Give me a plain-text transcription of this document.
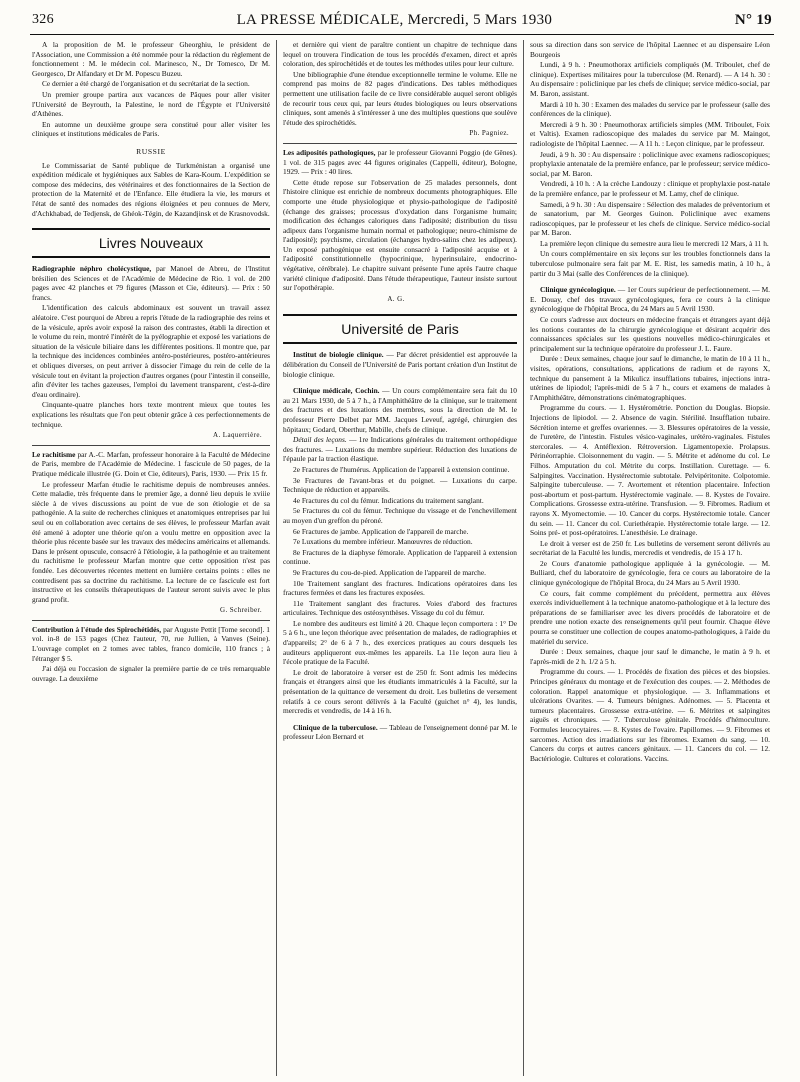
326	LA PRESSE MÉDICALE, Mercredi, 5 Mars 1930	N° 19

A la proposition de M. le professeur Gheorghiu, le président de l'Association, une Commission a été nommée pour la rédaction du règlement de fonctionnement : M. le médecin col. Marinesco, N., Dr Tomesco, Dr M. Georgesco, Dr Alfandary et Dr M. Popescu Buzeu.

Ce dernier a été chargé de l'organisation et du secrétariat de la section.

Un premier groupe partira aux vacances de Pâques pour aller visiter l'Université de Beyrouth, la Palestine, le nord de l'Égypte et l'Université d'Athènes.

En automne un deuxième groupe sera constitué pour aller visiter les cliniques et institutions médicales de Paris.

RUSSIE

Le Commissariat de Santé publique de Turkménistan a organisé une expédition médicale et hygiéniques aux Sables de Kara-Koum. L'expédition se compose des médecins, des vétérinaires et des fonctionnaires de la Section de protection de la Maternité et de l'Enfance. Elle étudiera la vie, les mœurs et l'état de santé des nomades des régions éloignées et peu connues de Merv, d'Achkhabad, de Tedjensk, de Ghéok-Tégin, de Kazandjinsk et de Krasnovodsk.

Livres Nouveaux

Radiographie néphro cholécystique, par Manoel de Abreu, de l'Institut brésilien des Sciences et de l'Académie de Médecine de Rio. 1 vol. de 200 pages avec 42 planches et 79 figures (Masson et Cie, éditeurs). — Prix : 50 francs.

L'identification des calculs abdominaux est souvent un travail assez aléatoire. C'est pourquoi de Abreu a repris l'étude de la radiographie des reins et de la vésicule, après avoir exposé la raison des contrastes, établi la direction et le volume du rein, montré l'intérêt de la pyélographie et exposé les variations de situation de la vésicule biliaire dans les différentes positions. Il montre que, par la technique des incidences combinées antéro-postérieures, postéro-antérieures et obliques diverses, on peut arriver à dissocier l'image du rein de celle de la vésicule tout en évitant la projection d'autres organes (pour l'intestin il conseille, afin d'éviter les taches gazeuses, l'emploi du lavement transparent, c'est-à-dire d'eau ordinaire).

Cinquante-quatre planches hors texte montrent mieux que toutes les explications les résultats que l'on peut obtenir grâce à ces perfectionnements de technique.

A. Laquerrière.

Le rachitisme par A.-C. Marfan, professeur honoraire à la Faculté de Médecine de Paris, membre de l'Académie de Médecine. 1 fascicule de 50 pages, de la Pratique médicale illustrée (G. Doin et Cie, éditeurs), Paris, 1930. — Prix 15 fr.

Le professeur Marfan étudie le rachitisme depuis de nombreuses années. Cette maladie, très fréquente dans le premier âge, a donné lieu depuis le xviiie siècle à de vives discussions au point de vue de son étiologie et de sa pathogénie. A la suite de recherches cliniques et anatomiques entreprises par lui seul ou en collaboration avec certains de ses élèves, le professeur Marfan avait été amené à adopter une théorie qu'on a voulu mettre en opposition avec la théorie plus récente basée sur les travaux des médecins américains et allemands. Dans le présent opuscule, consacré à l'étiologie, à la pathogénie et au traitement du rachitisme le professeur Marfan montre que cette opposition n'est pas fondée. Les découvertes récentes mettent en lumière certains points : elles ne contredisent pas sa doctrine du rachitisme. La lecture de ce fascicule est fort instructive et les conseils thérapeutiques de l'auteur seront suivis avec le plus grand profit.

G. Schreiber.

Contribution à l'étude des Spirochétidés, par Auguste Pettit [Tome second]. 1 vol. in-8 de 153 pages (Chez l'auteur, 70, rue Jullien, à Vanves (Seine). L'ouvrage complet en 2 tomes avec tables, franco domicile, 110 francs ; à l'étranger $ 5.

J'ai déjà eu l'occasion de signaler la première partie de ce très remarquable ouvrage. La deuxième

et dernière qui vient de paraître contient un chapitre de technique dans lequel on trouvera l'indication de tous les procédés d'examen, direct et après coloration, des spirochétidés et de toutes les méthodes utiles pour leur culture.

Une bibliographie d'une étendue exceptionnelle termine le volume. Elle ne comprend pas moins de 82 pages d'indications. Des tables méthodiques permettent une utilisation facile de ce livre considérable auquel seront obligés de recourir tous ceux qui, par leurs études biologiques ou leurs observations cliniques, sont amenés à s'intéresser à une des multiples questions que soulève l'étude des spirochétidés.

Ph. Pagniez.

Les adiposités pathologiques, par le professeur Giovanni Poggio (de Gênes). 1 vol. de 315 pages avec 44 figures originales (Cappelli, éditeur), Bologne, 1929. — Prix : 40 lires.

Cette étude repose sur l'observation de 25 malades personnels, dont l'histoire clinique est enrichie de nombreux documents photographiques. Elle comporte une étude physiologique et physio-pathologique de l'adiposité (échange des graisses; processus d'oxydation dans l'organisme humain; modification des échanges caloriques dans l'adiposité; distribution du tissu adipeux dans l'organisme humain normal et pathologique; neuro-chimisme de l'adiposité); psychisme, circulation (échanges hydro-salins chez les adipeux). Un exposé pathogénique est ensuite consacré à l'adiposité acquise et à l'adiposité constitutionnelle (hypocrinique, hyperinsulaire, endocrino-végétative, cérébrale). Le chapitre suivant présente l'une après l'autre chaque variété clinique d'adiposité. Dans l'étude thérapeutique, l'auteur insiste surtout sur l'opothérapie.

A. G.
Université de Paris

Institut de biologie clinique. — Par décret présidentiel est approuvée la délibération du Conseil de l'Université de Paris portant création d'un Institut de biologie clinique.

Clinique médicale, Cochin. — Un cours complémentaire sera fait du 10 au 21 Mars 1930, de 5 à 7 h., à l'Amphithéâtre de la clinique, sur le traitement des fractures et des luxations des membres, sous la direction de M. le professeur Pierre Delbet par MM. Jacques Leveuf, agrégé, chirurgien des hôpitaux; Godard, Oberthur, Mabille, chefs de clinique.

Détail des leçons. — 1re Indications générales du traitement orthopédique des fractures. — Luxations du membre supérieur. Réduction des luxations de l'épaule par la traction élastique.

2e Fractures de l'humérus. Application de l'appareil à extension continue.

3e Fractures de l'avant-bras et du poignet. — Luxations du carpe. Technique de réduction et appareils.

4e Fractures du col du fémur. Indications du traitement sanglant.

5e Fractures du col du fémur. Technique du vissage et de l'enchevillement au moyen d'un greffon du péroné.

6e Fractures de jambe. Application de l'appareil de marche.

7e Luxations du membre inférieur. Manœuvres de réduction.

8e Fractures de la diaphyse fémorale. Application de l'appareil à extension continue.

9e Fractures du cou-de-pied. Application de l'appareil de marche.

10e Traitement sanglant des fractures. Indications opératoires dans les fractures fermées et dans les fractures exposées.

11e Traitement sanglant des fractures. Voies d'abord des fractures articulaires. Technique des ostéosynthèses. Vissage du col du fémur.

Le nombre des auditeurs est limité à 20. Chaque leçon comportera : 1° De 5 à 6 h., une leçon théorique avec présentation de malades, de radiographies et d'appareils; 2° de 6 à 7 h., des exercices pratiques au cours desquels les auditeurs appliqueront eux-mêmes les appareils. La 11e leçon aura lieu à l'école pratique de la Faculté.

Le droit de laboratoire à verser est de 250 fr. Sont admis les médecins français et étrangers ainsi que les étudiants immatriculés à la Faculté, sur la présentation de la quittance de versement du droit. Les bulletins de versement relatifs à ce cours seront délivrés à la Faculté (guichet n° 4), les lundis, mercredis et vendredis, de 14 à 16 h.

Clinique de la tuberculose. — Tableau de l'enseignement donné par M. le professeur Léon Bernard et

sous sa direction dans son service de l'hôpital Laennec et au dispensaire Léon Bourgeois

Lundi, à 9 h. : Pneumothorax artificiels compliqués (M. Triboulet, chef de clinique). Expertises militaires pour la tuberculose (M. Renard). — A 14 h. 30 : Au dispensaire : policlinique par les chefs de clinique; service médico-social, par M. Baron, assistant.

Mardi à 10 h. 30 : Examen des malades du service par le professeur (salle des conférences de la clinique).

Mercredi à 9 h. 30 : Pneumothorax artificiels simples (MM. Triboulet, Foix et Valtis). Examen radioscopique des malades du service par M. Maingot, radiologiste de l'hôpital Laennec. — A 11 h. : Leçon clinique, par le professeur.

Jeudi, à 9 h. 30 : Au dispensaire : policlinique avec examens radioscopiques; prophylaxie antenatale de la première enfance, par le professeur; service médico-social, par M. Baron.

Vendredi, à 10 h. : A la crèche Landouzy : clinique et prophylaxie post-natale de la première enfance, par le professeur et M. Lamy, chef de clinique.

Samedi, à 9 h. 30 : Au dispensaire : Sélection des malades de préventorium et de sanatorium, par M. Georges Guinon. Policlinique avec examens radioscopiques, par le professeur et les chefs de clinique. Service médico-social par M. Baron.

La première leçon clinique du semestre aura lieu le mercredi 12 Mars, à 11 h.

Un cours complémentaire en six leçons sur les troubles fonctionnels dans la tuberculose pulmonaire sera fait par M. E. Rist, les samedis matin, à 10 h., à partir du 3 Mai (salle des Conférences de la clinique).

Clinique gynécologique. — 1er Cours supérieur de perfectionnement. — M. E. Douay, chef des travaux gynécologiques, fera ce cours à la clinique gynécologique de l'hôpital Broca, du 24 Mars au 5 Avril 1930.

Ce cours s'adresse aux docteurs en médecine français et étrangers ayant déjà les notions courantes de la chirurgie gynécologique et désirant acquérir des connaissances spéciales sur les questions nouvelles médico-chirurgicales et principalement sur la technique opératoire du professeur J. L. Faure.

Durée : Deux semaines, chaque jour sauf le dimanche, le matin de 10 à 11 h., visites, opérations, consultations, applications de radium et de rayons X, technique du pansement à la Mikulicz insufflations tubaires, injections intra-utérines de lipiodol; l'après-midi de 5 à 7 h., cours et examens de malades à l'Amphithéâtre, démonstrations cinématographiques.

Programme du cours. — 1. Hystérométrie. Ponction du Douglas. Biopsie. Injections de lipiodol. — 2. Absence de vagin. Stérilité. Insufflation tubaire. Sécrétion interne et greffes ovariennes. — 3. Blessures opératoires de la vessie, de l'uretère, de l'intestin. Fistules vésico-vaginales, urétéro-vaginales. Fistules stercorales. — 4. Antéflexion. Rétroversion. Ligamentopexie. Prolapsus. Périnéorraphie. Cloisonnement du vagin. — 5. Métrite et adénome du col. Le Filhos. Amputation du col. Métrite du corps. Instillation. Curettage. — 6. Salpingites. Vaccination. Hystérectomie subtotale. Pelvipéritonite. Colpotomie. Salpingite tuberculeuse. — 7. Avortement et rétention placentaire. Infection post-abortum et post-partum. Hystérectomie vaginale. — 8. Kystes de l'ovaire. Complications. Grossesse extra-utérine. Transfusion. — 9. Fibromes. Radium et rayons X. Myomectomie. — 10. Cancer du corps. Hystérectomie totale. Cancer du sein. — 11. Cancer du col. Curiethérapie. Hystérectomie totale large. — 12. Soins pré- et post-opératoires. L'anesthésie. Le drainage.

Le droit à verser est de 250 fr. Les bulletins de versement seront délivrés au secrétariat de la Faculté les lundis, mercredis et vendredis, de 15 à 17 h.

2e Cours d'anatomie pathologique appliquée à la gynécologie. — M. Bulliard, chef du laboratoire de gynécologie, fera ce cours au laboratoire de la clinique gynécologique de l'hôpital Broca, du 24 Mars au 5 Avril 1930.

Ce cours, fait comme complément du précédent, permettra aux élèves exercés individuellement à la technique anatomo-pathologique et à la lecture des préparations de se familiariser avec les divers procédés de laboratoire et de prendre une notion exacte des renseignements qu'il peut fournir. Chaque élève pourra se constituer une collection de coupes anatomo-pathologiques, à l'aide du matériel du service.

Durée : Deux semaines, chaque jour sauf le dimanche, le matin à 9 h. et l'après-midi de 2 h. 1/2 à 5 h.

Programme du cours. — 1. Procédés de fixation des pièces et des biopsies. Principes généraux du montage et de l'exécution des coupes. — 2. Méthodes de coloration. Rappel anatomique et physiologique. — 3. Inflammations et ulcérations Ovarites. — 4. Tumeurs bénignes. Adénomes. — 5. Placenta et tumeurs placentaires. Grossesse extra-utérine. — 6. Métrites et salpingites aiguës et chroniques. — 7. Tuberculose génitale. Procédés d'hémoculture. Formules leucocytaires. — 8. Kystes de l'ovaire. Papillomes. — 9. Fibromes et sarcomes. Action des irradiations sur les fibromes. Examen du sang. — 10. Cancers du corps et autres cancers génitaux. — 11. Cancers du col. — 12. Bactériologie. Cultures et colorations. Vaccins.
